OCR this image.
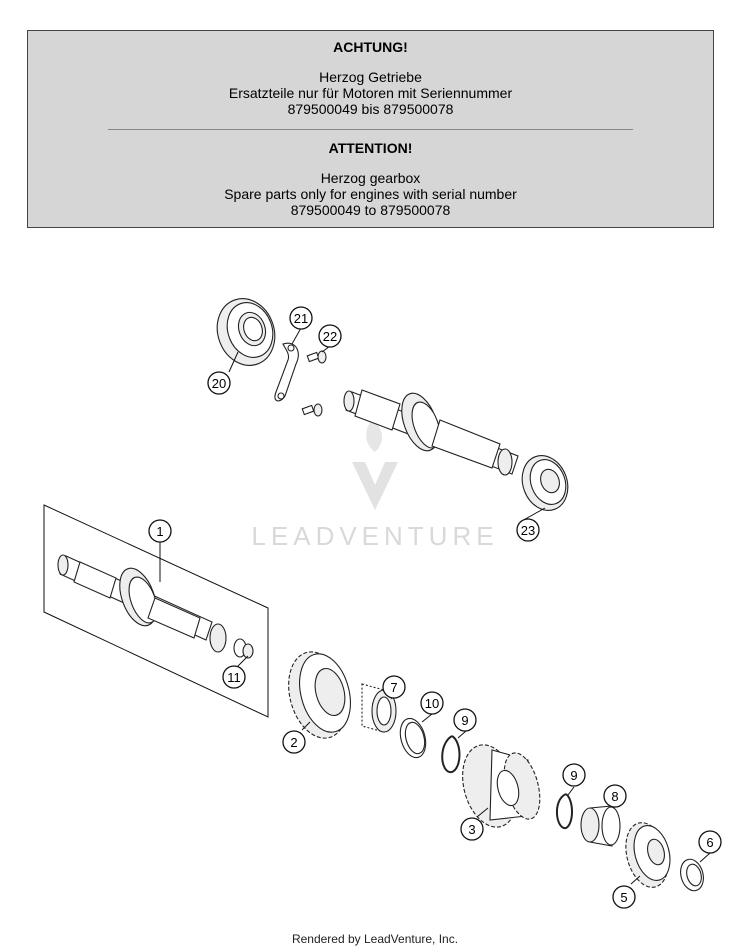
ACHTUNG!
Herzog Getriebe
Ersatzteile nur für Motoren mit Seriennummer
879500049 bis 879500078
ATTENTION!
Herzog gearbox
Spare parts only for engines with serial number
879500049 to 879500078
LEADVENTURE
1
21
22
20
23
11
2
7
10
9
3
9
8
6
5
Rendered by LeadVenture, Inc.
